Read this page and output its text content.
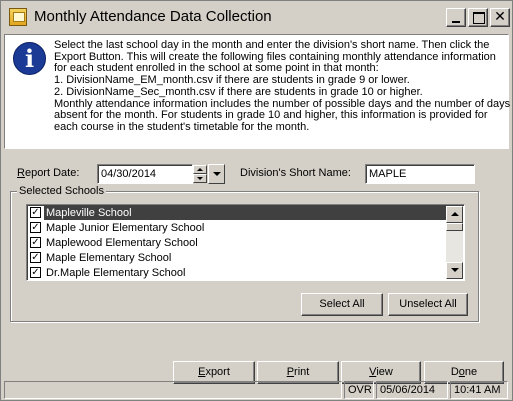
Monthly Attendance Data Collection	✕
i	Select the last school day in the month and enter the division's short name. Then click the
Export Button. This will create the following files containing monthly attendance information
for each student enrolled in the school at some point in that month:
1. DivisionName_EM_month.csv if there are students in grade 9 or lower.
2. DivisionName_Sec_month.csv if there are students in grade 10 or higher.
Monthly attendance information includes the number of possible days and the number of days
absent for the month. For students in grade 10 and higher, this information is provided for
each course in the student's timetable for the month.
Report Date:	04/30/2014	Division's Short Name:	MAPLE
Selected Schools
✓ Mapleville School
✓ Maple Junior Elementary School
✓ Maplewood Elementary School
✓ Maple Elementary School
✓ Dr.Maple Elementary School
Select All	Unselect All
Export	Print	View	Done
OVR 05/06/2014	10:41 AM
